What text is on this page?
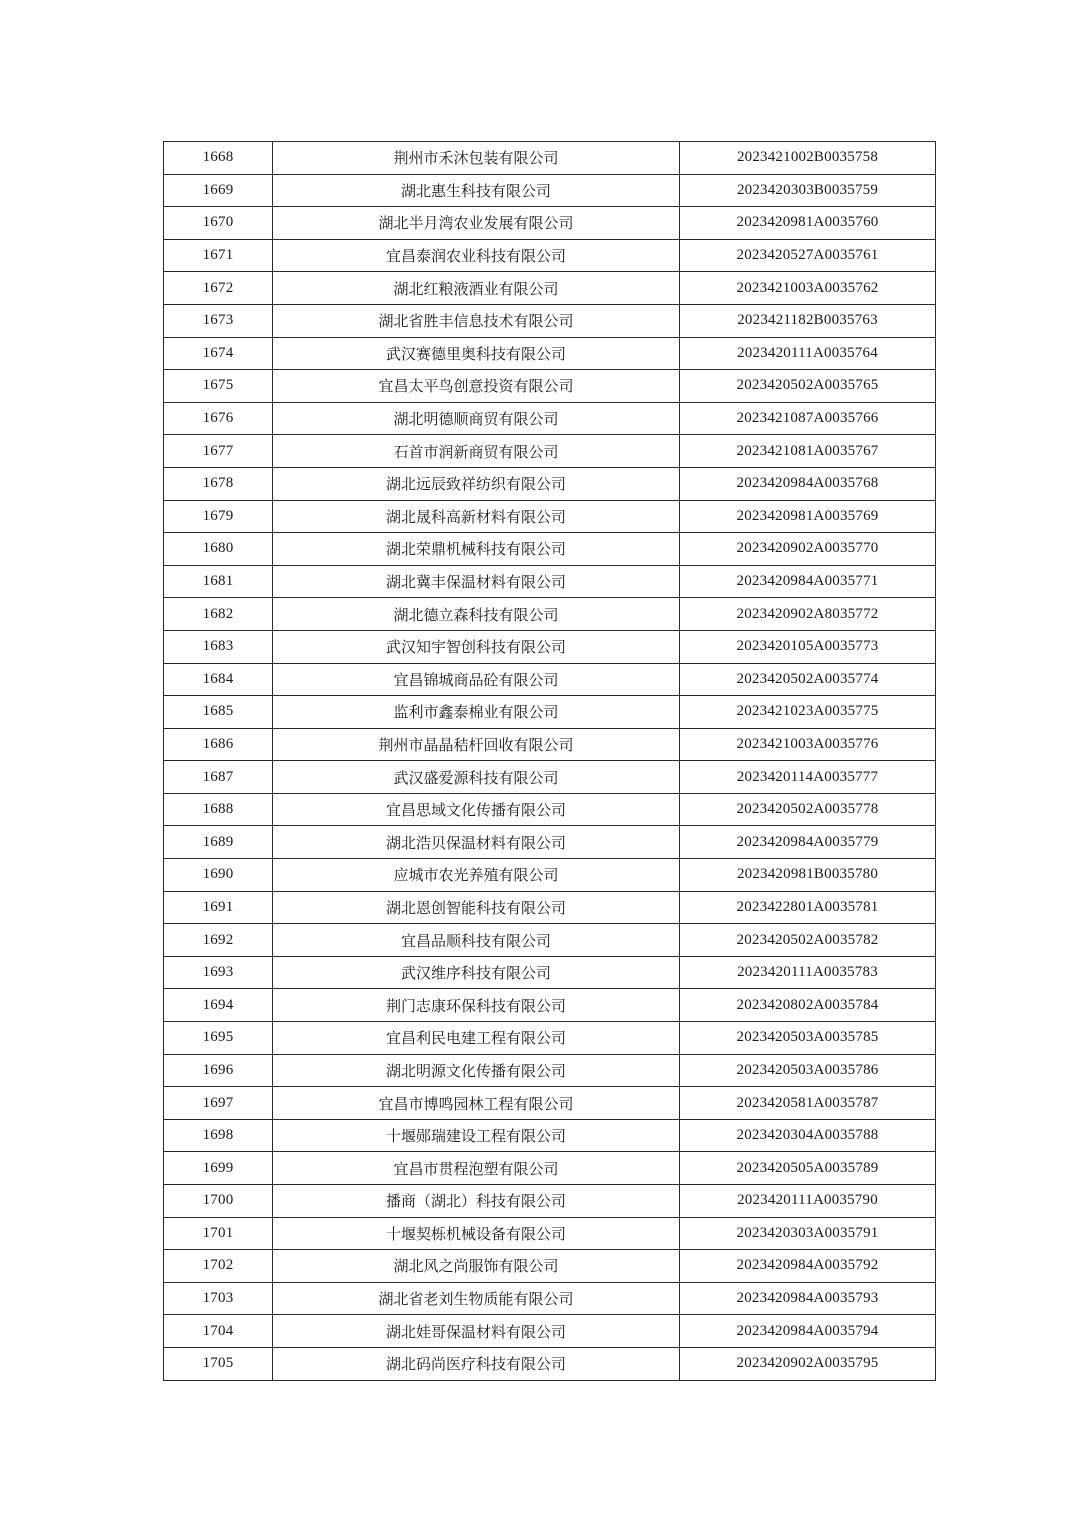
1668	荆州市禾沐包装有限公司	2023421002B0035758
1669	湖北惠生科技有限公司	2023420303B0035759
1670	湖北半月湾农业发展有限公司	2023420981A0035760
1671	宜昌泰润农业科技有限公司	2023420527A0035761
1672	湖北红粮液酒业有限公司	2023421003A0035762
1673	湖北省胜丰信息技术有限公司	2023421182B0035763
1674	武汉赛德里奥科技有限公司	2023420111A0035764
1675	宜昌太平鸟创意投资有限公司	2023420502A0035765
1676	湖北明德顺商贸有限公司	2023421087A0035766
1677	石首市润新商贸有限公司	2023421081A0035767
1678	湖北远辰致祥纺织有限公司	2023420984A0035768
1679	湖北晟科高新材料有限公司	2023420981A0035769
1680	湖北荣鼎机械科技有限公司	2023420902A0035770
1681	湖北冀丰保温材料有限公司	2023420984A0035771
1682	湖北德立森科技有限公司	2023420902A8035772
1683	武汉知宇智创科技有限公司	2023420105A0035773
1684	宜昌锦城商品砼有限公司	2023420502A0035774
1685	监利市鑫泰棉业有限公司	2023421023A0035775
1686	荆州市晶晶秸杆回收有限公司	2023421003A0035776
1687	武汉盛爱源科技有限公司	2023420114A0035777
1688	宜昌思域文化传播有限公司	2023420502A0035778
1689	湖北浩贝保温材料有限公司	2023420984A0035779
1690	应城市农光养殖有限公司	2023420981B0035780
1691	湖北恩创智能科技有限公司	2023422801A0035781
1692	宜昌品顺科技有限公司	2023420502A0035782
1693	武汉维序科技有限公司	2023420111A0035783
1694	荆门志康环保科技有限公司	2023420802A0035784
1695	宜昌利民电建工程有限公司	2023420503A0035785
1696	湖北明源文化传播有限公司	2023420503A0035786
1697	宜昌市博鸣园林工程有限公司	2023420581A0035787
1698	十堰郧瑞建设工程有限公司	2023420304A0035788
1699	宜昌市贯程泡塑有限公司	2023420505A0035789
1700	播商（湖北）科技有限公司	2023420111A0035790
1701	十堰契栎机械设备有限公司	2023420303A0035791
1702	湖北风之尚服饰有限公司	2023420984A0035792
1703	湖北省老刘生物质能有限公司	2023420984A0035793
1704	湖北娃哥保温材料有限公司	2023420984A0035794
1705	湖北码尚医疗科技有限公司	2023420902A0035795
